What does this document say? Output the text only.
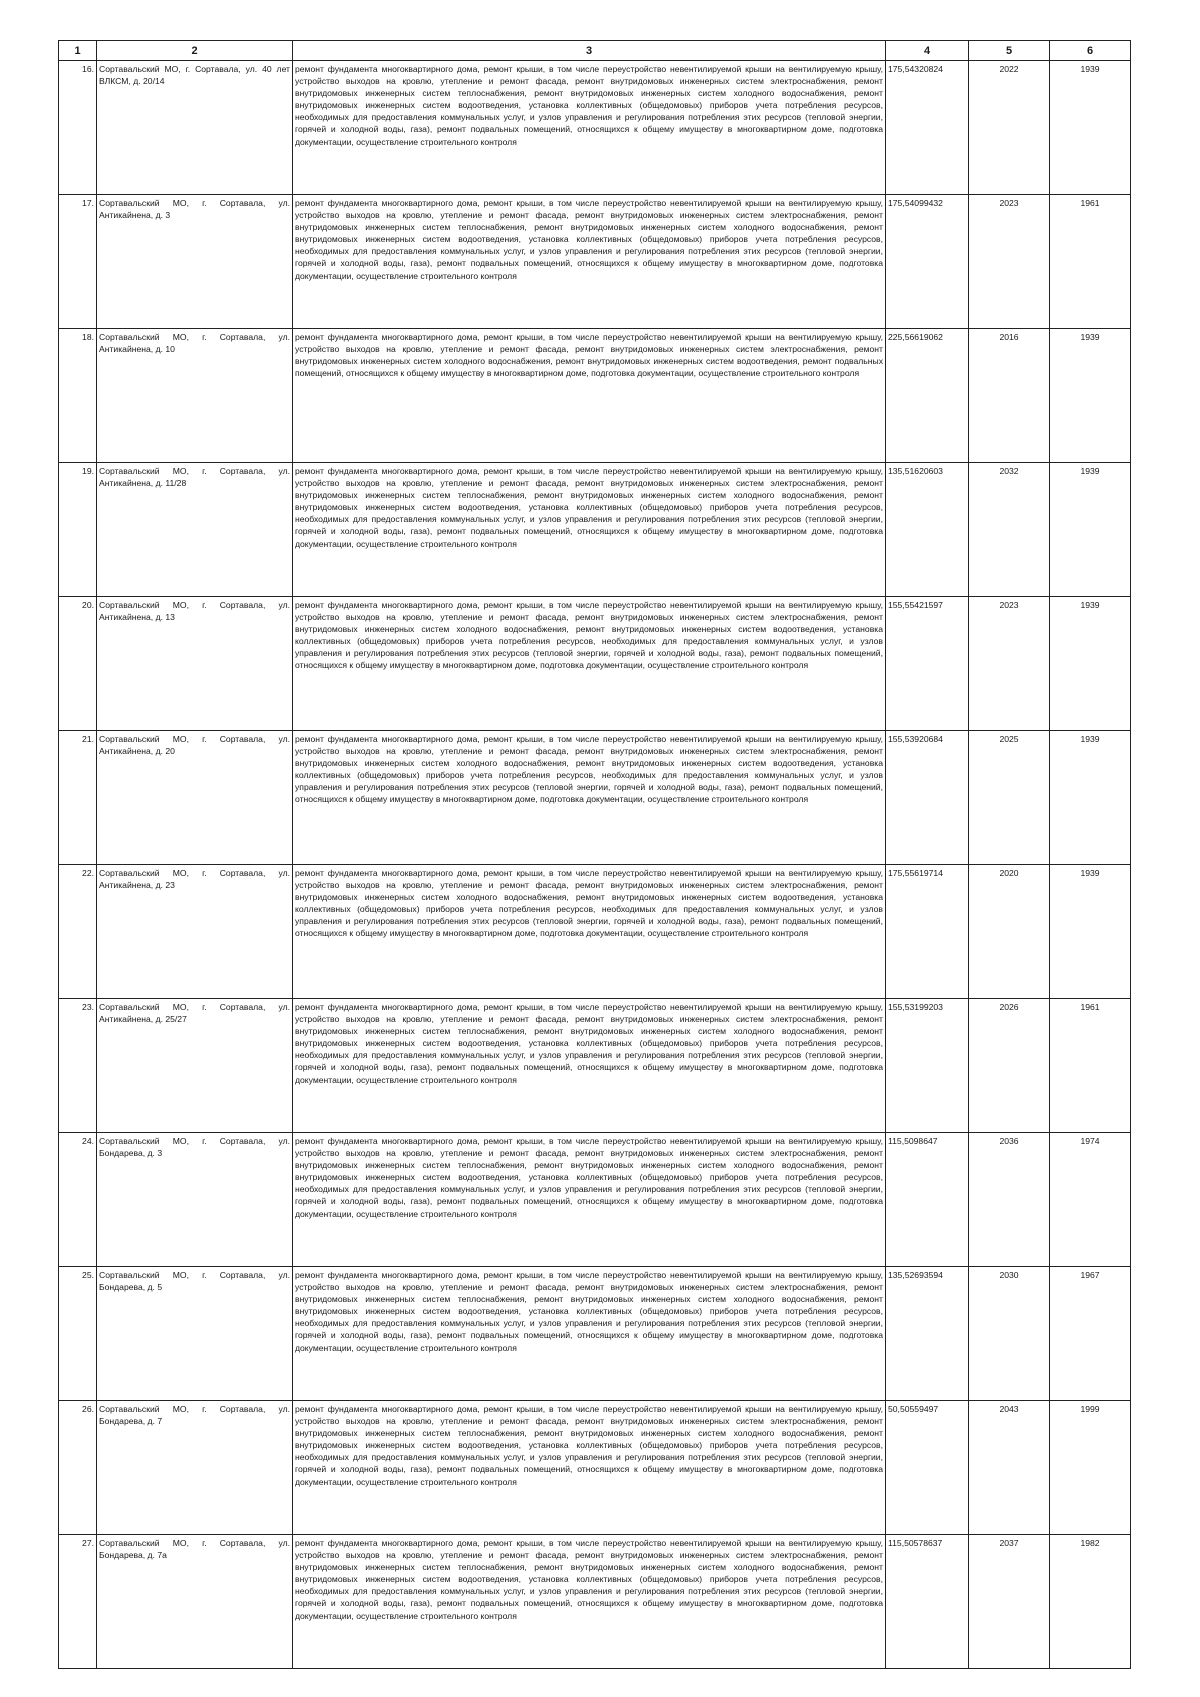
1	2	3	4	5	6
16.	Сортавальский МО, г. Сортавала, ул. 40 лет ВЛКСМ, д. 20/14	ремонт фундамента многоквартирного дома, ремонт крыши, в том числе переустройство невентилируемой крыши на вентилируемую крышу, устройство выходов на кровлю, утепление и ремонт фасада, ремонт внутридомовых инженерных систем электроснабжения, ремонт внутридомовых инженерных систем теплоснабжения, ремонт внутридомовых инженерных систем холодного водоснабжения, ремонт внутридомовых инженерных систем водоотведения, установка коллективных (общедомовых) приборов учета потребления ресурсов, необходимых для предоставления коммунальных услуг, и узлов управления и регулирования потребления этих ресурсов (тепловой энергии, горячей и холодной воды, газа), ремонт подвальных помещений, относящихся к общему имуществу в многоквартирном доме, подготовка документации, осуществление строительного контроля	175,54320824	2022	1939
17.	Сортавальский МО, г. Сортавала, ул. Антикайнена, д. 3	ремонт фундамента многоквартирного дома, ремонт крыши, в том числе переустройство невентилируемой крыши на вентилируемую крышу, устройство выходов на кровлю, утепление и ремонт фасада, ремонт внутридомовых инженерных систем электроснабжения, ремонт внутридомовых инженерных систем теплоснабжения, ремонт внутридомовых инженерных систем холодного водоснабжения, ремонт внутридомовых инженерных систем водоотведения, установка коллективных (общедомовых) приборов учета потребления ресурсов, необходимых для предоставления коммунальных услуг, и узлов управления и регулирования потребления этих ресурсов (тепловой энергии, горячей и холодной воды, газа), ремонт подвальных помещений, относящихся к общему имуществу в многоквартирном доме, подготовка документации, осуществление строительного контроля	175,54099432	2023	1961
18.	Сортавальский МО, г. Сортавала, ул. Антикайнена, д. 10	ремонт фундамента многоквартирного дома, ремонт крыши, в том числе переустройство невентилируемой крыши на вентилируемую крышу, устройство выходов на кровлю, утепление и ремонт фасада, ремонт внутридомовых инженерных систем электроснабжения, ремонт внутридомовых инженерных систем холодного водоснабжения, ремонт внутридомовых инженерных систем водоотведения, ремонт подвальных помещений, относящихся к общему имуществу в многоквартирном доме, подготовка документации, осуществление строительного контроля	225,56619062	2016	1939
19.	Сортавальский МО, г. Сортавала, ул. Антикайнена, д. 11/28	ремонт фундамента многоквартирного дома, ремонт крыши, в том числе переустройство невентилируемой крыши на вентилируемую крышу, устройство выходов на кровлю, утепление и ремонт фасада, ремонт внутридомовых инженерных систем электроснабжения, ремонт внутридомовых инженерных систем теплоснабжения, ремонт внутридомовых инженерных систем холодного водоснабжения, ремонт внутридомовых инженерных систем водоотведения, установка коллективных (общедомовых) приборов учета потребления ресурсов, необходимых для предоставления коммунальных услуг, и узлов управления и регулирования потребления этих ресурсов (тепловой энергии, горячей и холодной воды, газа), ремонт подвальных помещений, относящихся к общему имуществу в многоквартирном доме, подготовка документации, осуществление строительного контроля	135,51620603	2032	1939
20.	Сортавальский МО, г. Сортавала, ул. Антикайнена, д. 13	ремонт фундамента многоквартирного дома, ремонт крыши, в том числе переустройство невентилируемой крыши на вентилируемую крышу, устройство выходов на кровлю, утепление и ремонт фасада, ремонт внутридомовых инженерных систем электроснабжения, ремонт внутридомовых инженерных систем холодного водоснабжения, ремонт внутридомовых инженерных систем водоотведения, установка коллективных (общедомовых) приборов учета потребления ресурсов, необходимых для предоставления коммунальных услуг, и узлов управления и регулирования потребления этих ресурсов (тепловой энергии, горячей и холодной воды, газа), ремонт подвальных помещений, относящихся к общему имуществу в многоквартирном доме, подготовка документации, осуществление строительного контроля	155,55421597	2023	1939
21.	Сортавальский МО, г. Сортавала, ул. Антикайнена, д. 20	ремонт фундамента многоквартирного дома, ремонт крыши, в том числе переустройство невентилируемой крыши на вентилируемую крышу, устройство выходов на кровлю, утепление и ремонт фасада, ремонт внутридомовых инженерных систем электроснабжения, ремонт внутридомовых инженерных систем холодного водоснабжения, ремонт внутридомовых инженерных систем водоотведения, установка коллективных (общедомовых) приборов учета потребления ресурсов, необходимых для предоставления коммунальных услуг, и узлов управления и регулирования потребления этих ресурсов (тепловой энергии, горячей и холодной воды, газа), ремонт подвальных помещений, относящихся к общему имуществу в многоквартирном доме, подготовка документации, осуществление строительного контроля	155,53920684	2025	1939
22.	Сортавальский МО, г. Сортавала, ул. Антикайнена, д. 23	ремонт фундамента многоквартирного дома, ремонт крыши, в том числе переустройство невентилируемой крыши на вентилируемую крышу, устройство выходов на кровлю, утепление и ремонт фасада, ремонт внутридомовых инженерных систем электроснабжения, ремонт внутридомовых инженерных систем холодного водоснабжения, ремонт внутридомовых инженерных систем водоотведения, установка коллективных (общедомовых) приборов учета потребления ресурсов, необходимых для предоставления коммунальных услуг, и узлов управления и регулирования потребления этих ресурсов (тепловой энергии, горячей и холодной воды, газа), ремонт подвальных помещений, относящихся к общему имуществу в многоквартирном доме, подготовка документации, осуществление строительного контроля	175,55619714	2020	1939
23.	Сортавальский МО, г. Сортавала, ул. Антикайнена, д. 25/27	ремонт фундамента многоквартирного дома, ремонт крыши, в том числе переустройство невентилируемой крыши на вентилируемую крышу, устройство выходов на кровлю, утепление и ремонт фасада, ремонт внутридомовых инженерных систем электроснабжения, ремонт внутридомовых инженерных систем теплоснабжения, ремонт внутридомовых инженерных систем холодного водоснабжения, ремонт внутридомовых инженерных систем водоотведения, установка коллективных (общедомовых) приборов учета потребления ресурсов, необходимых для предоставления коммунальных услуг, и узлов управления и регулирования потребления этих ресурсов (тепловой энергии, горячей и холодной воды, газа), ремонт подвальных помещений, относящихся к общему имуществу в многоквартирном доме, подготовка документации, осуществление строительного контроля	155,53199203	2026	1961
24.	Сортавальский МО, г. Сортавала, ул. Бондарева, д. 3	ремонт фундамента многоквартирного дома, ремонт крыши, в том числе переустройство невентилируемой крыши на вентилируемую крышу, устройство выходов на кровлю, утепление и ремонт фасада, ремонт внутридомовых инженерных систем электроснабжения, ремонт внутридомовых инженерных систем теплоснабжения, ремонт внутридомовых инженерных систем холодного водоснабжения, ремонт внутридомовых инженерных систем водоотведения, установка коллективных (общедомовых) приборов учета потребления ресурсов, необходимых для предоставления коммунальных услуг, и узлов управления и регулирования потребления этих ресурсов (тепловой энергии, горячей и холодной воды, газа), ремонт подвальных помещений, относящихся к общему имуществу в многоквартирном доме, подготовка документации, осуществление строительного контроля	115,5098647	2036	1974
25.	Сортавальский МО, г. Сортавала, ул. Бондарева, д. 5	ремонт фундамента многоквартирного дома, ремонт крыши, в том числе переустройство невентилируемой крыши на вентилируемую крышу, устройство выходов на кровлю, утепление и ремонт фасада, ремонт внутридомовых инженерных систем электроснабжения, ремонт внутридомовых инженерных систем теплоснабжения, ремонт внутридомовых инженерных систем холодного водоснабжения, ремонт внутридомовых инженерных систем водоотведения, установка коллективных (общедомовых) приборов учета потребления ресурсов, необходимых для предоставления коммунальных услуг, и узлов управления и регулирования потребления этих ресурсов (тепловой энергии, горячей и холодной воды, газа), ремонт подвальных помещений, относящихся к общему имуществу в многоквартирном доме, подготовка документации, осуществление строительного контроля	135,52693594	2030	1967
26.	Сортавальский МО, г. Сортавала, ул. Бондарева, д. 7	ремонт фундамента многоквартирного дома, ремонт крыши, в том числе переустройство невентилируемой крыши на вентилируемую крышу, устройство выходов на кровлю, утепление и ремонт фасада, ремонт внутридомовых инженерных систем электроснабжения, ремонт внутридомовых инженерных систем теплоснабжения, ремонт внутридомовых инженерных систем холодного водоснабжения, ремонт внутридомовых инженерных систем водоотведения, установка коллективных (общедомовых) приборов учета потребления ресурсов, необходимых для предоставления коммунальных услуг, и узлов управления и регулирования потребления этих ресурсов (тепловой энергии, горячей и холодной воды, газа), ремонт подвальных помещений, относящихся к общему имуществу в многоквартирном доме, подготовка документации, осуществление строительного контроля	50,50559497	2043	1999
27.	Сортавальский МО, г. Сортавала, ул. Бондарева, д. 7а	ремонт фундамента многоквартирного дома, ремонт крыши, в том числе переустройство невентилируемой крыши на вентилируемую крышу, устройство выходов на кровлю, утепление и ремонт фасада, ремонт внутридомовых инженерных систем электроснабжения, ремонт внутридомовых инженерных систем теплоснабжения, ремонт внутридомовых инженерных систем холодного водоснабжения, ремонт внутридомовых инженерных систем водоотведения, установка коллективных (общедомовых) приборов учета потребления ресурсов, необходимых для предоставления коммунальных услуг, и узлов управления и регулирования потребления этих ресурсов (тепловой энергии, горячей и холодной воды, газа), ремонт подвальных помещений, относящихся к общему имуществу в многоквартирном доме, подготовка документации, осуществление строительного контроля	115,50578637	2037	1982
